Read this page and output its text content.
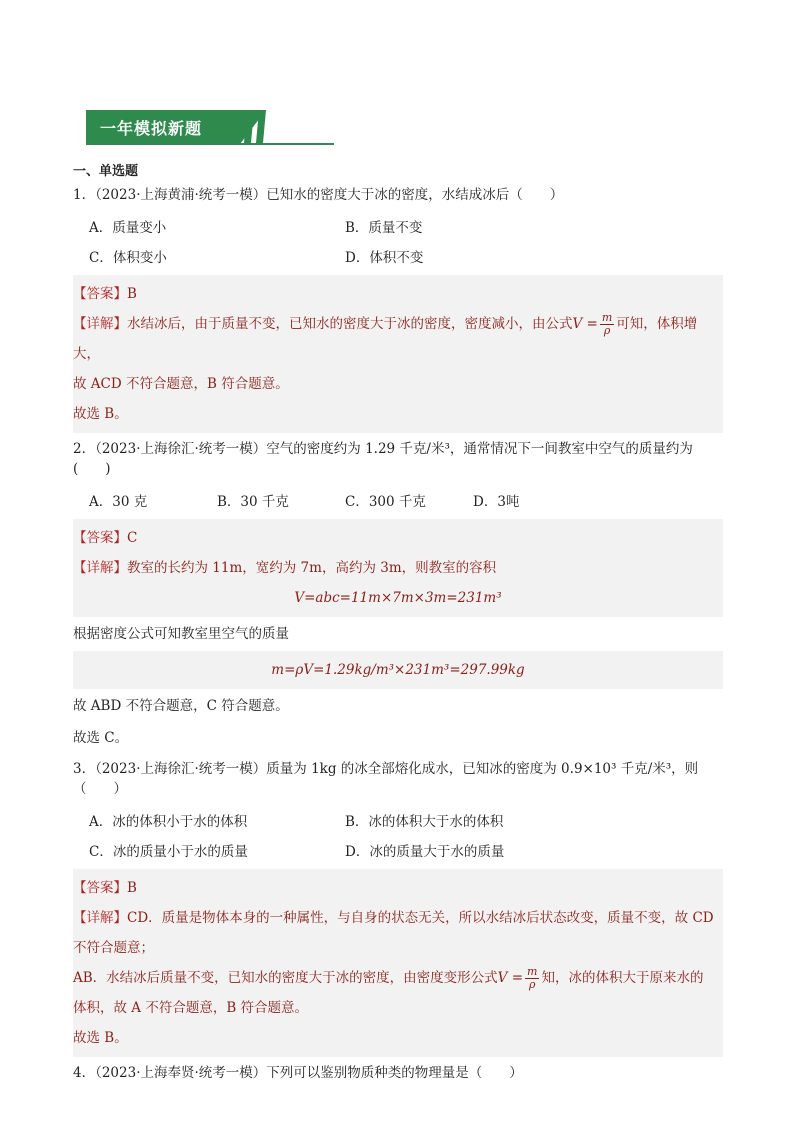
一年模拟新题
一、单选题
1．（2023·上海黄浦·统考一模）已知水的密度大于冰的密度，水结成冰后（　　）
A．质量变小	B．质量不变
C．体积变小	D．体积不变
【答案】B
【详解】水结冰后，由于质量不变，已知水的密度大于冰的密度，密度减小，由公式$V = \frac{m}{\rho}$ 可知，体积增大，
故 ACD 不符合题意，B 符合题意。
故选 B。
2．（2023·上海徐汇·统考一模）空气的密度约为 1.29 千克/米³，通常情况下一间教室中空气的质量约为(　　)
A．30 克	B．30 千克	C．300 千克	D．3吨
【答案】C
【详解】教室的长约为 11m，宽约为 7m，高约为 3m，则教室的容积
V=abc=11m×7m×3m=231m³
根据密度公式可知教室里空气的质量
m=ρV=1.29kg/m³×231m³=297.99kg
故 ABD 不符合题意，C 符合题意。
故选 C。
3．（2023·上海徐汇·统考一模）质量为 1kg 的冰全部熔化成水，已知冰的密度为 0.9×10³ 千克/米³，则（　　）
A．冰的体积小于水的体积	B．冰的体积大于水的体积
C．冰的质量小于水的质量	D．冰的质量大于水的质量
【答案】B
【详解】CD．质量是物体本身的一种属性，与自身的状态无关，所以水结冰后状态改变，质量不变，故 CD
不符合题意；
AB．水结冰后质量不变，已知水的密度大于冰的密度，由密度变形公式$V = \frac{m}{\rho}$ 知，冰的体积大于原来水的
体积，故 A 不符合题意，B 符合题意。
故选 B。
4．（2023·上海奉贤·统考一模）下列可以鉴别物质种类的物理量是（　　）
